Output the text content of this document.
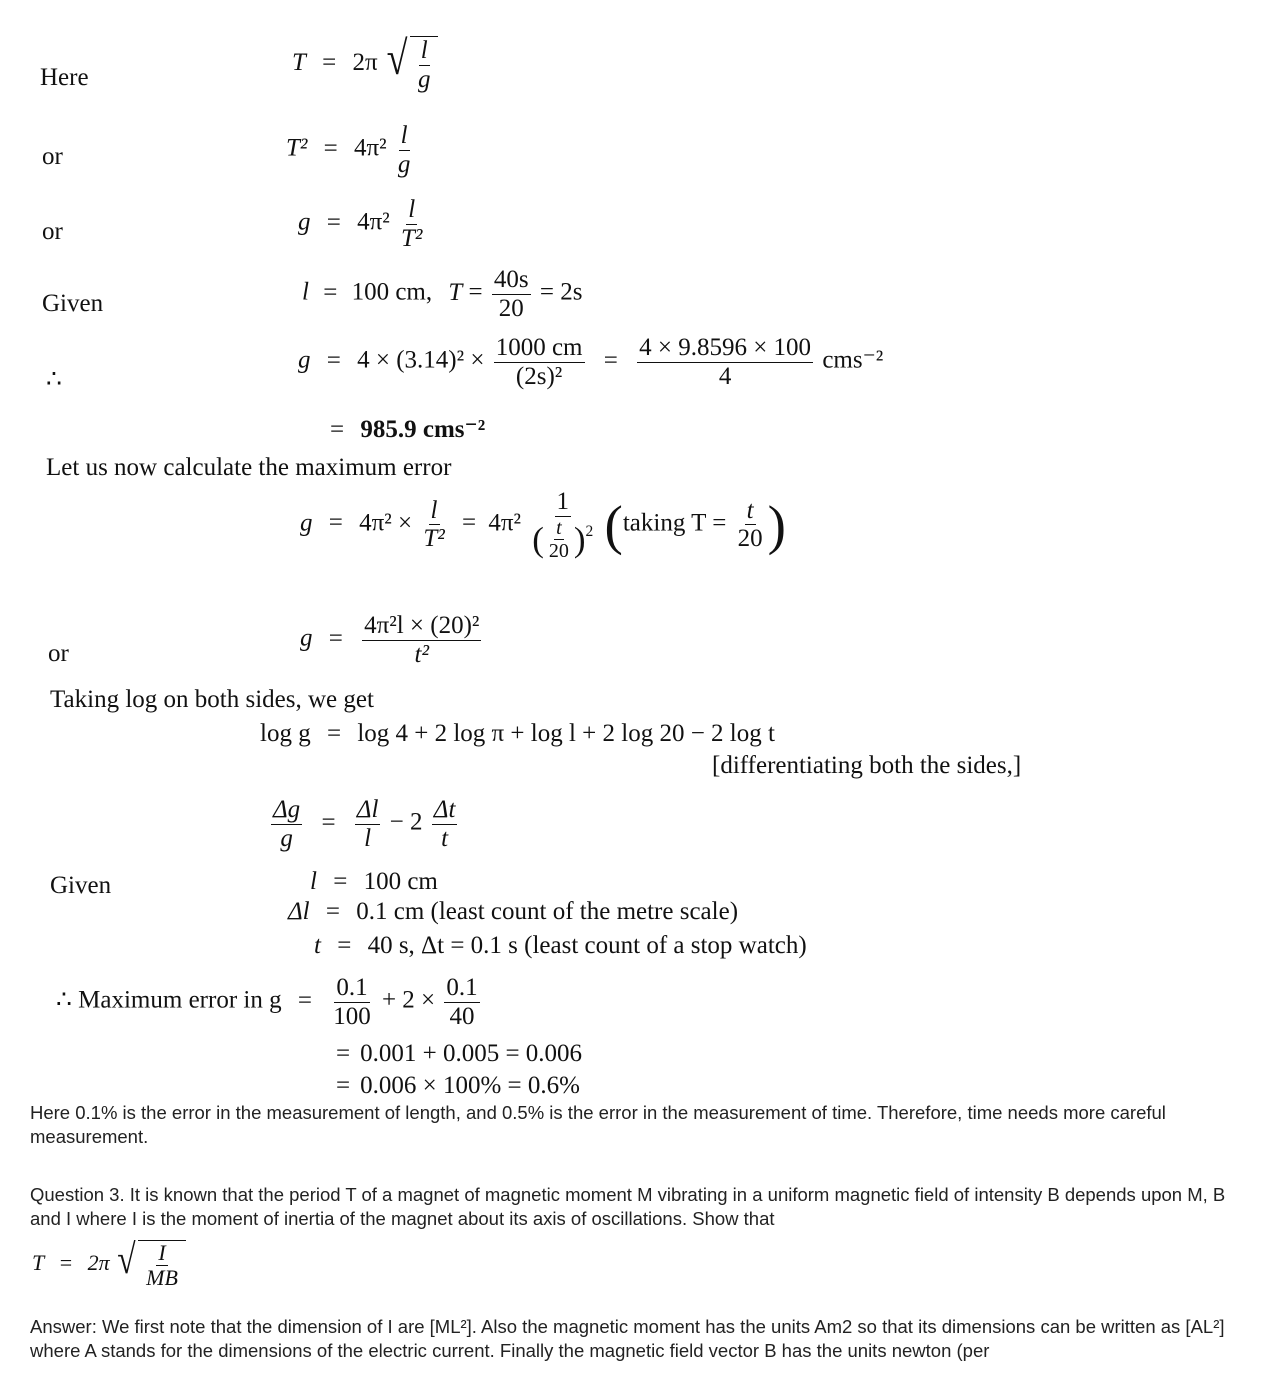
Here
or
or
Given
∴
or
Given
T = 2π √ $\frac{l}{g}$
$T^2 = 4\pi^2 \frac{l}{g}$
$g = 4\pi^2 \frac{l}{\text{T²}}$
l = 100 cm, $T = \frac{40s}{20} = 2s$
$g = 4 \times (3.14)^2 \times \frac{1000 cm}{\text{(2s)²}} = \frac{4 \times 9.8596 \times 100}{4} cms^{-2}$
= 985.9 cms⁻²
Let us now calculate the maximum error
$g = 4\pi^2 \times \frac{l}{\text{T²}} = 4\pi^2 \frac{1}{( \frac{t}{20} )^2}$ (taking $T = \frac{t}{20}$ )
$g = \frac{\text{4π²l × (20)²}}{\text{t²}}$
Taking log on both sides, we get
log g = log 4 + 2 log π + log l + 2 log 20 − 2 log t
[differentiating both the sides,]
$\frac{\Delta g}{g} = \frac{\Delta l}{l} - 2 \frac{\Delta t}{t}$
l = 100 cm
Δl = 0.1 cm (least count of the metre scale)
t = 40 s, Δt = 0.1 s (least count of a stop watch)
∴ Maximum error in $g = \frac{0.1}{100} + 2 \times \frac{0.1}{40}$
= 0.001 + 0.005 = 0.006
= 0.006 × 100% = 0.6%
Here 0.1% is the error in the measurement of length, and 0.5% is the error in the measurement of time. Therefore, time needs more careful measurement.
Question 3. It is known that the period T of a magnet of magnetic moment M vibrating in a uniform magnetic field of intensity B depends upon M, B and I where I is the moment of inertia of the magnet about its axis of oscillations. Show that
T = 2π √ $\frac{I}{MB}$
Answer: We first note that the dimension of I are [ML²]. Also the magnetic moment has the units Am2 so that its dimensions can be written as [AL²] where A stands for the dimensions of the electric current. Finally the magnetic field vector B has the units newton (per
